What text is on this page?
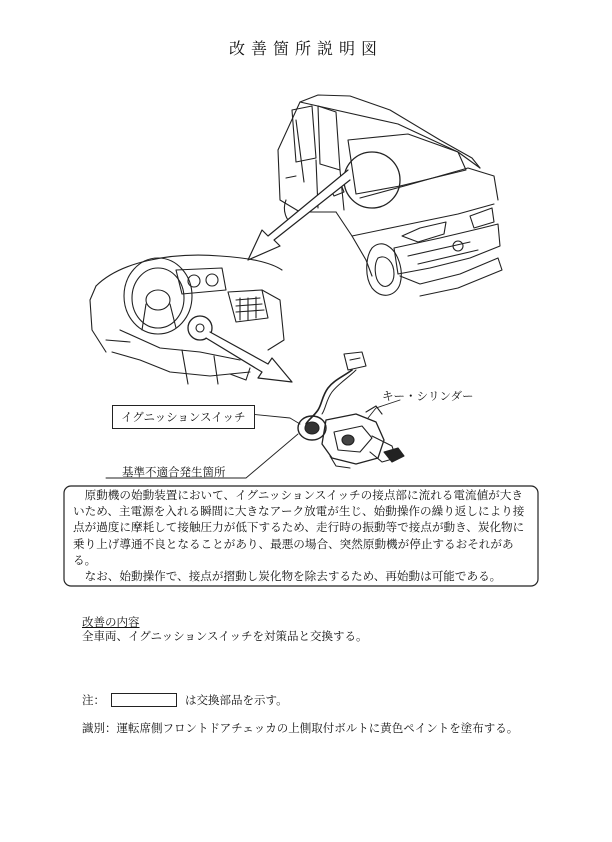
改善箇所説明図
イグニッションスイッチ
キー・シリンダー
基準不適合発生箇所

原動機の始動装置において、イグニッションスイッチの接点部に流れる電流値が大きいため、主電源を入れる瞬間に大きなアーク放電が生じ、始動操作の繰り返しにより接点が過度に摩耗して接触圧力が低下するため、走行時の振動等で接点が動き、炭化物に乗り上げ導通不良となることがあり、最悪の場合、突然原動機が停止するおそれがある。

なお、始動操作で、接点が摺動し炭化物を除去するため、再始動は可能である。

改善の内容
全車両、イグニッションスイッチを対策品と交換する。
注：	は交換部品を示す。
識別：運転席側フロントドアチェッカの上側取付ボルトに黄色ペイントを塗布する。
